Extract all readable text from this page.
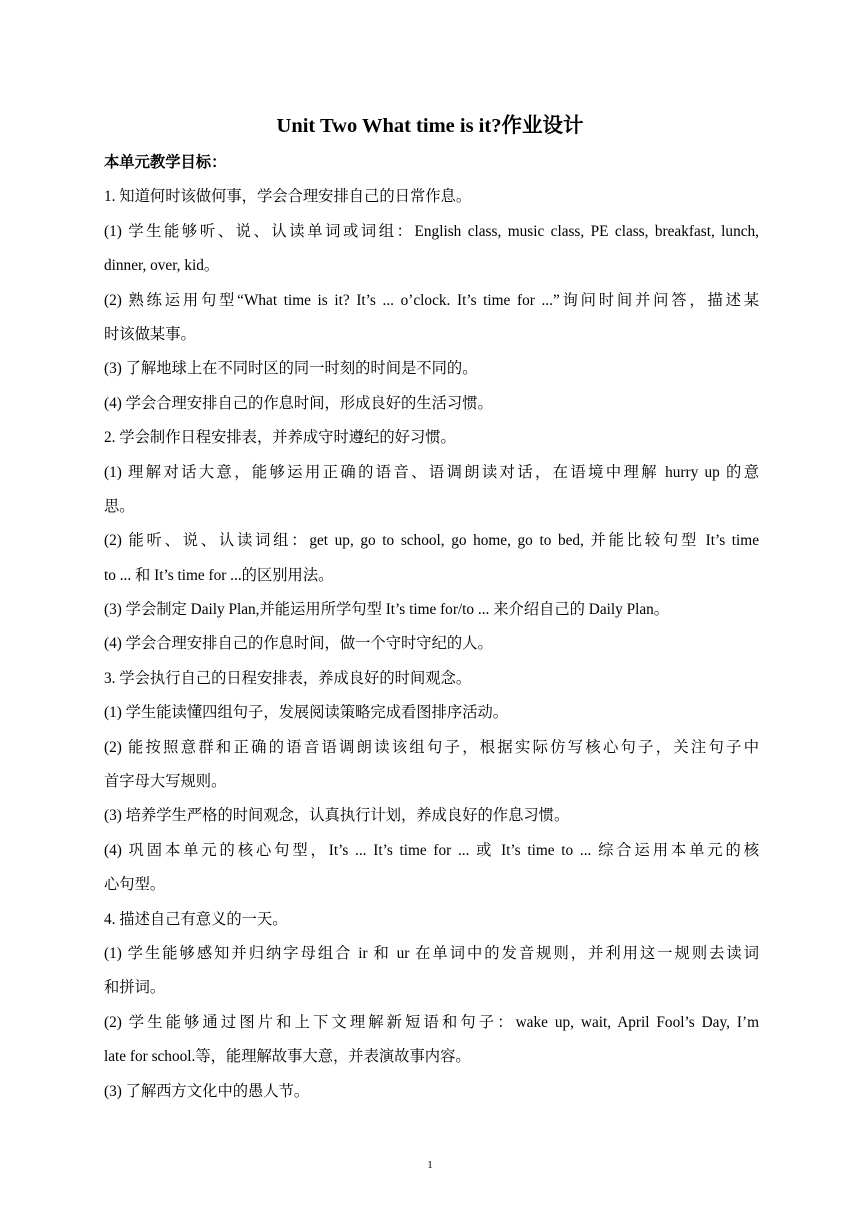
Unit Two What time is it?作业设计
本单元教学目标：
1. 知道何时该做何事，学会合理安排自己的日常作息。
(1) 学生能够听、说、认读单词或词组：English class, music class, PE class, breakfast, lunch,
dinner, over, kid。
(2) 熟练运用句型“What time is it? It’s ... o’clock. It’s time for ...”询问时间并问答，描述某
时该做某事。
(3) 了解地球上在不同时区的同一时刻的时间是不同的。
(4) 学会合理安排自己的作息时间，形成良好的生活习惯。
2. 学会制作日程安排表，并养成守时遵纪的好习惯。
(1) 理解对话大意，能够运用正确的语音、语调朗读对话，在语境中理解 hurry up 的意
思。
(2) 能听、说、认读词组：get up, go to school, go home, go to bed, 并能比较句型 It’s time
to ... 和 It’s time for ...的区别用法。
(3) 学会制定 Daily Plan,并能运用所学句型 It’s time for/to ... 来介绍自己的 Daily Plan。
(4) 学会合理安排自己的作息时间，做一个守时守纪的人。
3. 学会执行自己的日程安排表，养成良好的时间观念。
(1) 学生能读懂四组句子，发展阅读策略完成看图排序活动。
(2) 能按照意群和正确的语音语调朗读该组句子，根据实际仿写核心句子，关注句子中
首字母大写规则。
(3) 培养学生严格的时间观念，认真执行计划，养成良好的作息习惯。
(4) 巩固本单元的核心句型，It’s ... It’s time for ... 或 It’s time to ... 综合运用本单元的核
心句型。
4. 描述自己有意义的一天。
(1) 学生能够感知并归纳字母组合 ir 和 ur 在单词中的发音规则，并利用这一规则去读词
和拼词。
(2) 学生能够通过图片和上下文理解新短语和句子：wake up, wait, April Fool’s Day, I’m
late for school.等，能理解故事大意，并表演故事内容。
(3) 了解西方文化中的愚人节。
1
